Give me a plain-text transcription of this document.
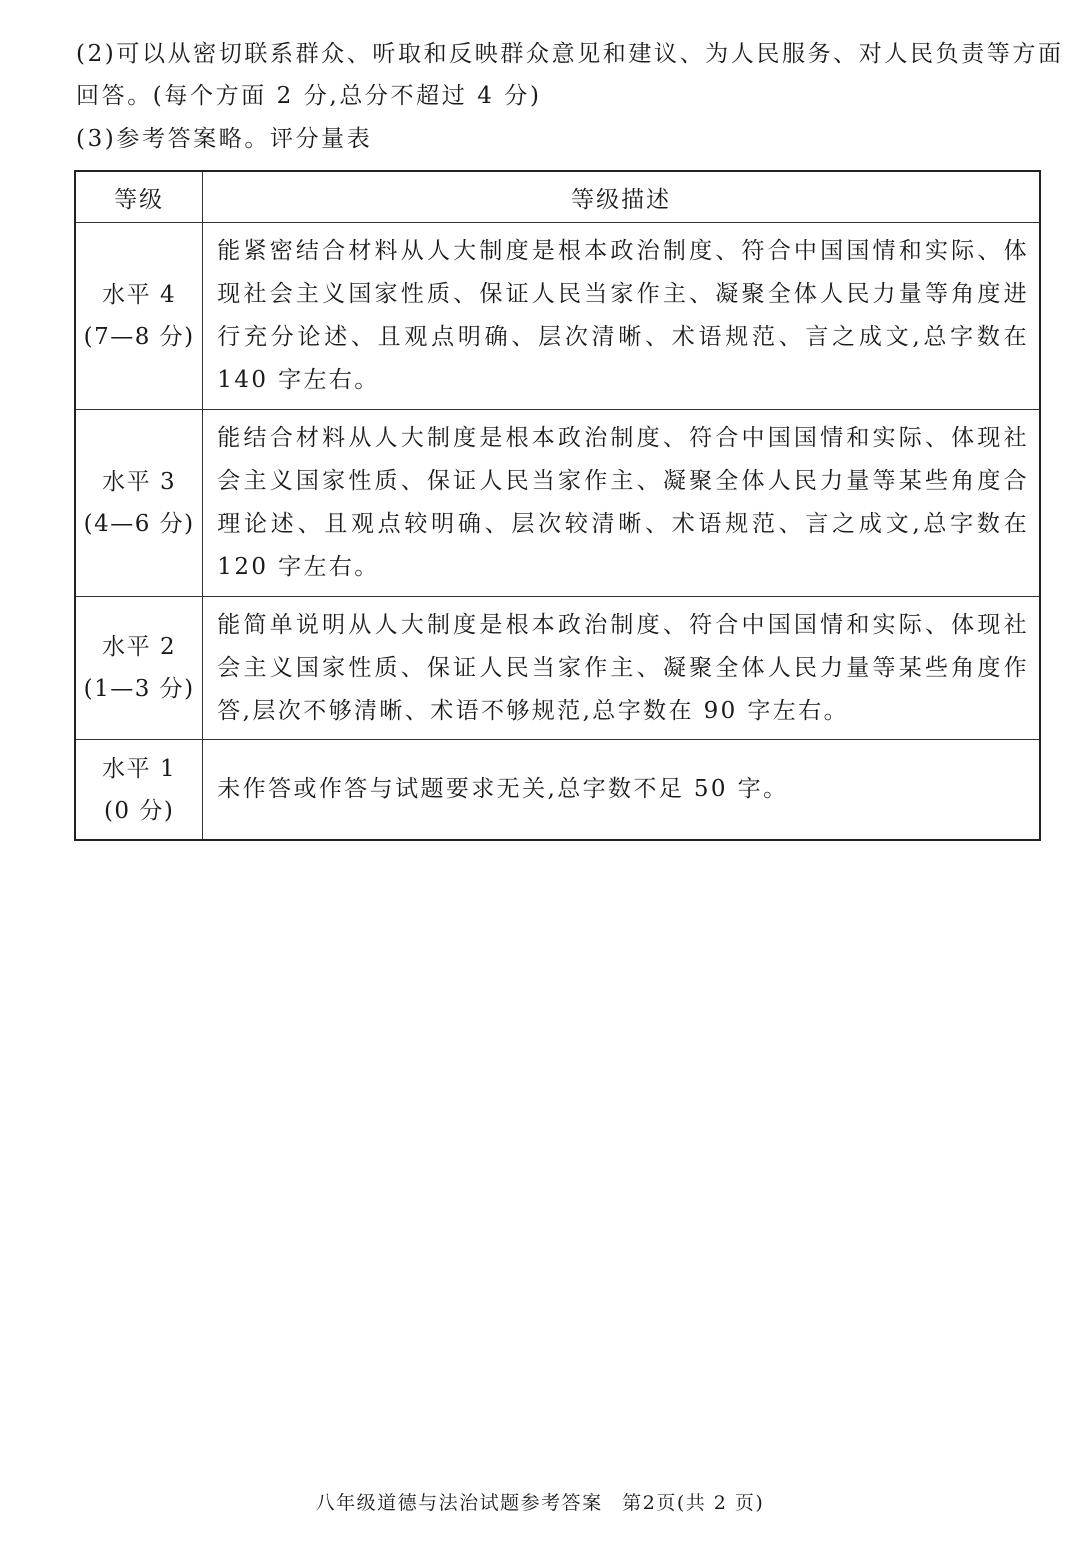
(2)可以从密切联系群众、听取和反映群众意见和建议、为人民服务、对人民负责等方面
回答。(每个方面 2 分,总分不超过 4 分)
(3)参考答案略。评分量表
等级	等级描述

水平 4
(7—8 分)	能紧密结合材料从人大制度是根本政治制度、符合中国国情和实际、体现社会主义国家性质、保证人民当家作主、凝聚全体人民力量等角度进行充分论述、且观点明确、层次清晰、术语规范、言之成文,总字数在 140 字左右。

水平 3
(4—6 分)	能结合材料从人大制度是根本政治制度、符合中国国情和实际、体现社会主义国家性质、保证人民当家作主、凝聚全体人民力量等某些角度合理论述、且观点较明确、层次较清晰、术语规范、言之成文,总字数在 120 字左右。

水平 2
(1—3 分)	能简单说明从人大制度是根本政治制度、符合中国国情和实际、体现社会主义国家性质、保证人民当家作主、凝聚全体人民力量等某些角度作答,层次不够清晰、术语不够规范,总字数在 90 字左右。

水平 1
(0 分)	未作答或作答与试题要求无关,总字数不足 50 字。
八年级道德与法治试题参考答案 第2页(共 2 页)
